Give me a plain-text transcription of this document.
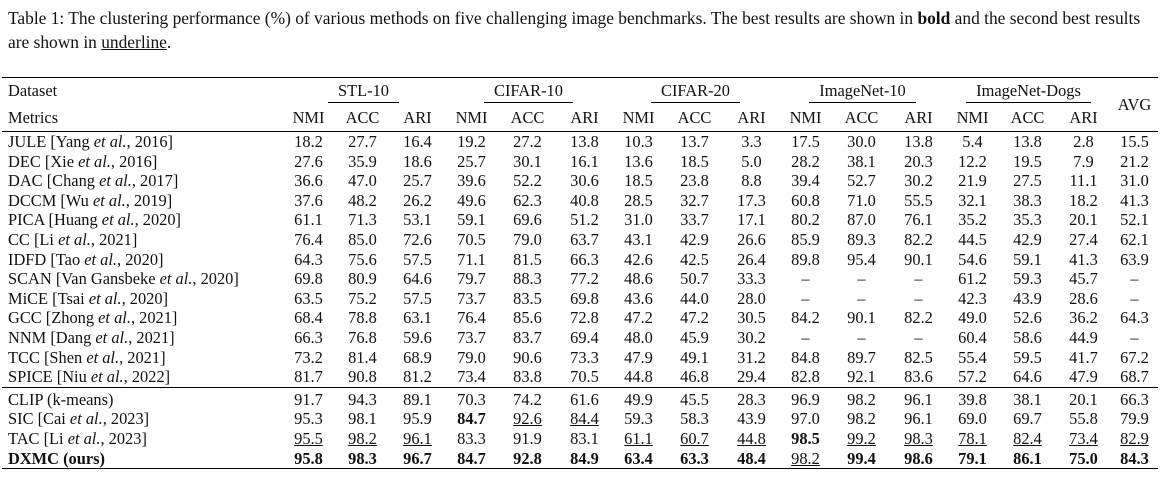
Table 1: The clustering performance (%) of various methods on five challenging image benchmarks. The best results are shown in bold and the second best results are shown in underline.
Dataset	STL-10			CIFAR-10			CIFAR-20			ImageNet-10			ImageNet-Dogs			AVG
Metrics	NMI	ACC	ARI	NMI	ACC	ARI	NMI	ACC	ARI	NMI	ACC	ARI	NMI	ACC	ARI	
JULE [Yang et al., 2016]	18.2	27.7	16.4	19.2	27.2	13.8	10.3	13.7	3.3	17.5	30.0	13.8	5.4	13.8	2.8	15.5
DEC [Xie et al., 2016]	27.6	35.9	18.6	25.7	30.1	16.1	13.6	18.5	5.0	28.2	38.1	20.3	12.2	19.5	7.9	21.2
DAC [Chang et al., 2017]	36.6	47.0	25.7	39.6	52.2	30.6	18.5	23.8	8.8	39.4	52.7	30.2	21.9	27.5	11.1	31.0
DCCM [Wu et al., 2019]	37.6	48.2	26.2	49.6	62.3	40.8	28.5	32.7	17.3	60.8	71.0	55.5	32.1	38.3	18.2	41.3
PICA [Huang et al., 2020]	61.1	71.3	53.1	59.1	69.6	51.2	31.0	33.7	17.1	80.2	87.0	76.1	35.2	35.3	20.1	52.1
CC [Li et al., 2021]	76.4	85.0	72.6	70.5	79.0	63.7	43.1	42.9	26.6	85.9	89.3	82.2	44.5	42.9	27.4	62.1
IDFD [Tao et al., 2020]	64.3	75.6	57.5	71.1	81.5	66.3	42.6	42.5	26.4	89.8	95.4	90.1	54.6	59.1	41.3	63.9
SCAN [Van Gansbeke et al., 2020]	69.8	80.9	64.6	79.7	88.3	77.2	48.6	50.7	33.3	–	–	–	61.2	59.3	45.7	–
MiCE [Tsai et al., 2020]	63.5	75.2	57.5	73.7	83.5	69.8	43.6	44.0	28.0	–	–	–	42.3	43.9	28.6	–
GCC [Zhong et al., 2021]	68.4	78.8	63.1	76.4	85.6	72.8	47.2	47.2	30.5	84.2	90.1	82.2	49.0	52.6	36.2	64.3
NNM [Dang et al., 2021]	66.3	76.8	59.6	73.7	83.7	69.4	48.0	45.9	30.2	–	–	–	60.4	58.6	44.9	–
TCC [Shen et al., 2021]	73.2	81.4	68.9	79.0	90.6	73.3	47.9	49.1	31.2	84.8	89.7	82.5	55.4	59.5	41.7	67.2
SPICE [Niu et al., 2022]	81.7	90.8	81.2	73.4	83.8	70.5	44.8	46.8	29.4	82.8	92.1	83.6	57.2	64.6	47.9	68.7
CLIP (k-means)	91.7	94.3	89.1	70.3	74.2	61.6	49.9	45.5	28.3	96.9	98.2	96.1	39.8	38.1	20.1	66.3
SIC [Cai et al., 2023]	95.3	98.1	95.9	84.7	92.6	84.4	59.3	58.3	43.9	97.0	98.2	96.1	69.0	69.7	55.8	79.9
TAC [Li et al., 2023]	95.5	98.2	96.1	83.3	91.9	83.1	61.1	60.7	44.8	98.5	99.2	98.3	78.1	82.4	73.4	82.9
DXMC (ours)	95.8	98.3	96.7	84.7	92.8	84.9	63.4	63.3	48.4	98.2	99.4	98.6	79.1	86.1	75.0	84.3
